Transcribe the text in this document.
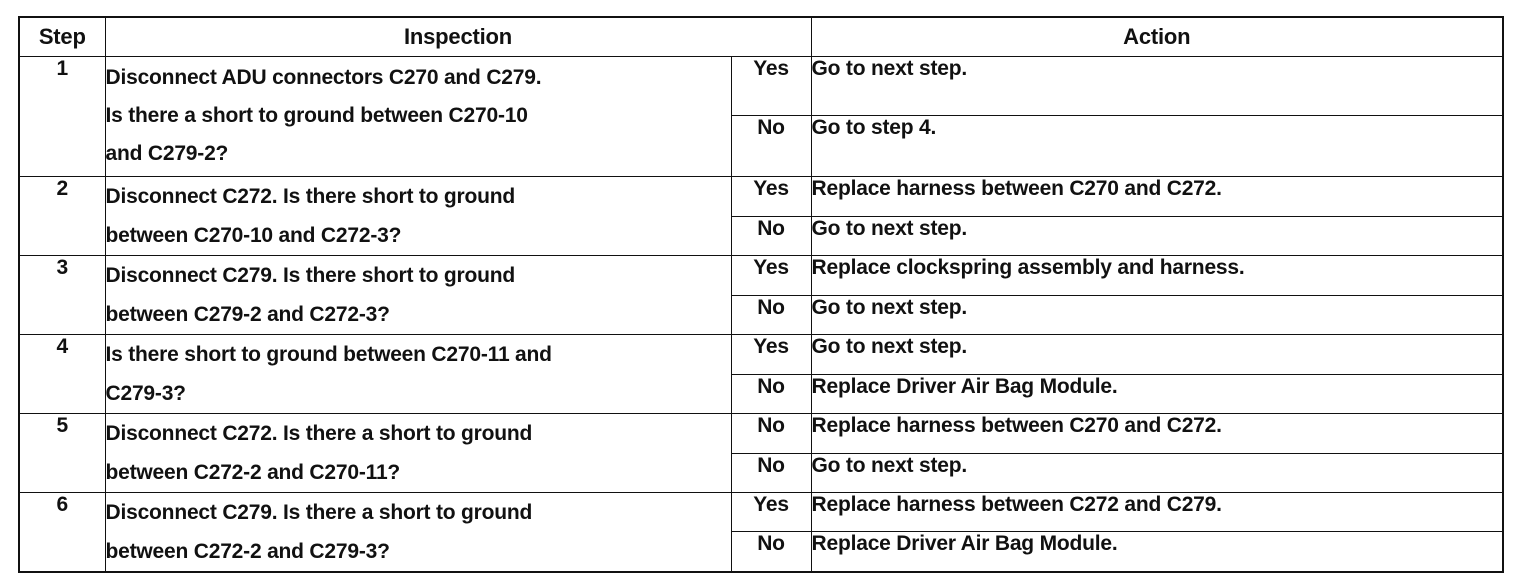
Step	Inspection		Action
1	Disconnect ADU connectors C270 and C279.
Is there a short to ground between C270-10
and C279-2?	Yes	Go to next step.
		No	Go to step 4.
2	Disconnect C272. Is there short to ground
between C270-10 and C272-3?	Yes	Replace harness between C270 and C272.
		No	Go to next step.
3	Disconnect C279. Is there short to ground
between C279-2 and C272-3?	Yes	Replace clockspring assembly and harness.
		No	Go to next step.
4	Is there short to ground between C270-11 and
C279-3?	Yes	Go to next step.
		No	Replace Driver Air Bag Module.
5	Disconnect C272. Is there a short to ground
between C272-2 and C270-11?	No	Replace harness between C270 and C272.
		No	Go to next step.
6	Disconnect C279. Is there a short to ground
between C272-2 and C279-3?	Yes	Replace harness between C272 and C279.
		No	Replace Driver Air Bag Module.
